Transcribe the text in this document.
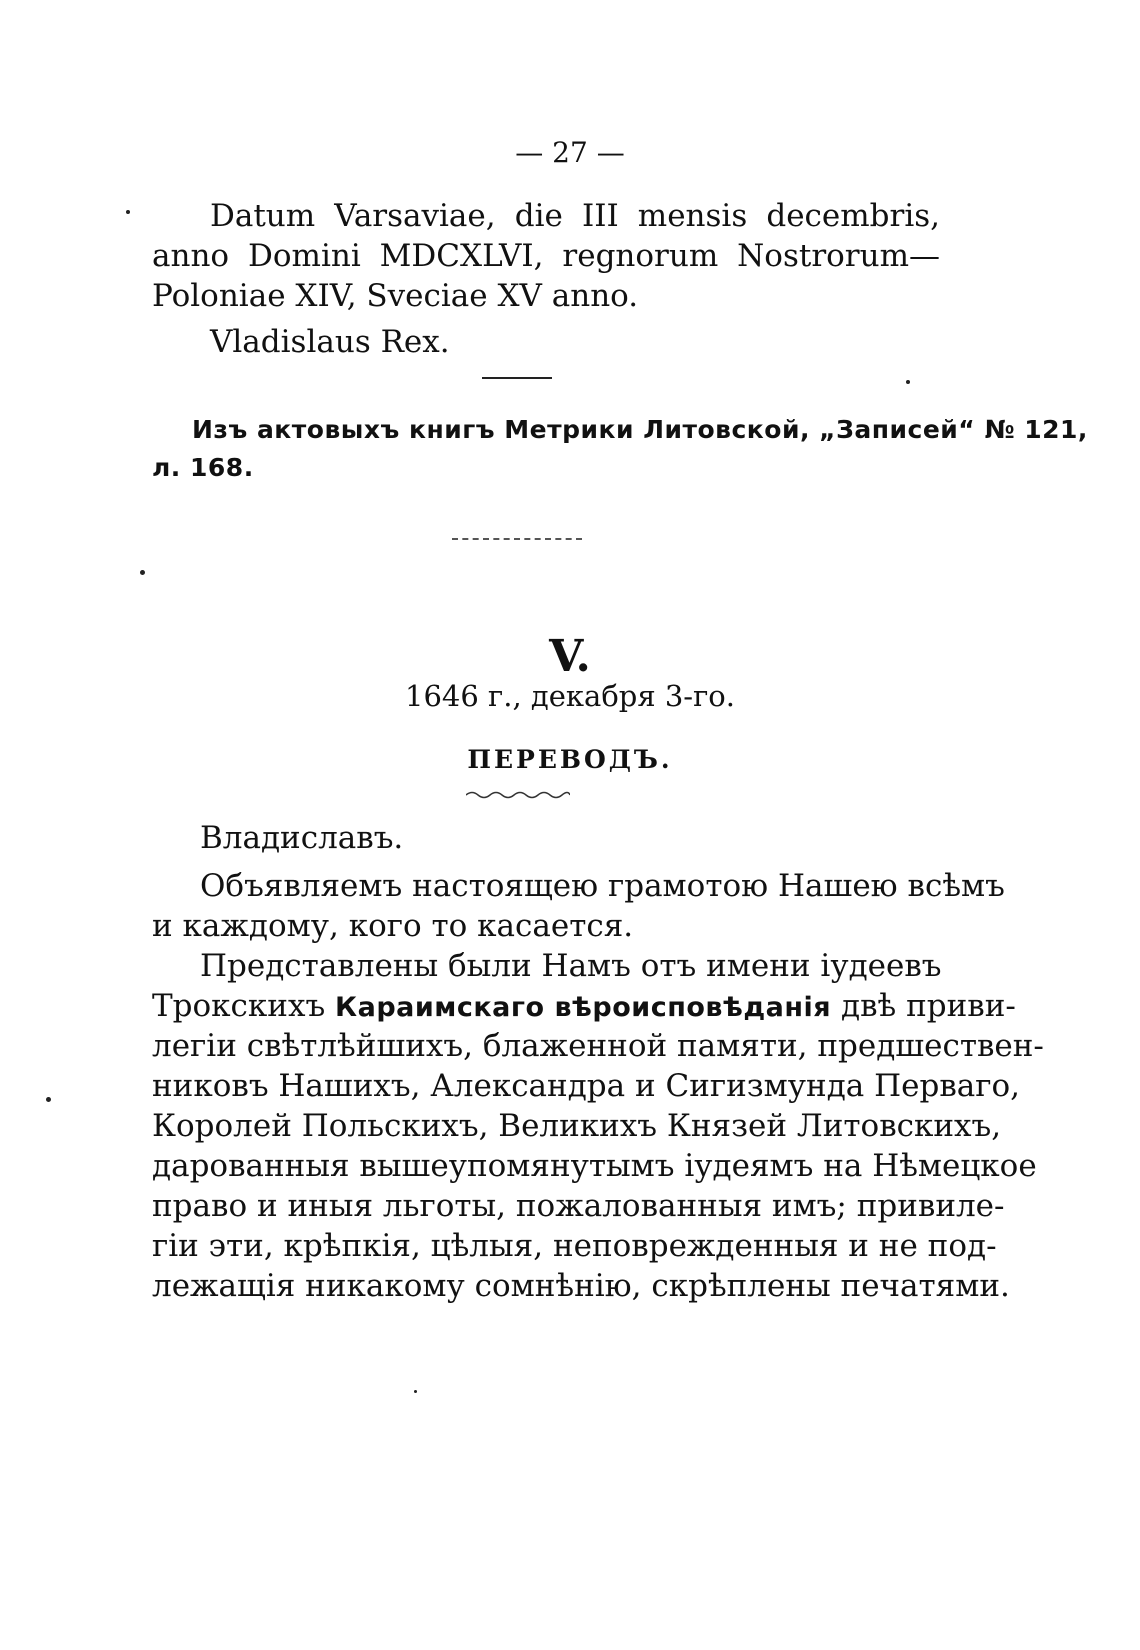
— 27 —
Datum Varsaviae, die III mensis decembris,
anno Domini MDCXLVI, regnorum Nostrorum—
Poloniae XIV, Sveciae XV anno.
Vladislaus Rex.
Изъ актовыхъ книгъ Метрики Литовской, „Записей“ № 121,
л. 168.
V.
1646 г., декабря 3-го.
ПЕРЕВОДЪ.
Владиславъ.
Объявляемъ настоящею грамотою Нашею всѣмъ
и каждому, кого то касается.
Представлены были Намъ отъ имени іудеевъ
Трокскихъ Караимскаго вѣроисповѣданія двѣ приви-
легіи свѣтлѣйшихъ, блаженной памяти, предшествен-
никовъ Нашихъ, Александра и Сигизмунда Перваго,
Королей Польскихъ, Великихъ Князей Литовскихъ,
дарованныя вышеупомянутымъ іудеямъ на Нѣмецкое
право и иныя льготы, пожалованныя имъ; привиле-
гіи эти, крѣпкія, цѣлыя, неповрежденныя и не под-
лежащія никакому сомнѣнію, скрѣплены печатями.
